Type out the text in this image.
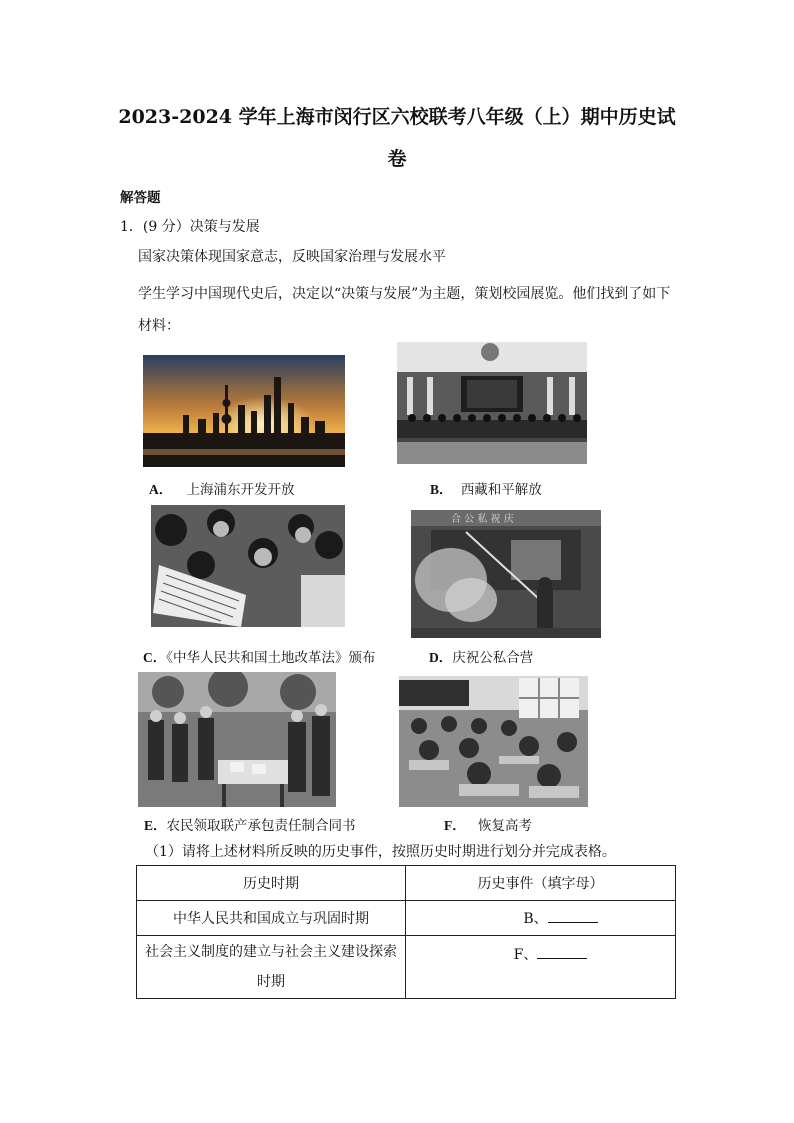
2023-2024 学年上海市闵行区六校联考八年级（上）期中历史试
卷
解答题
1．(9 分）决策与发展
国家决策体现国家意志，反映国家治理与发展水平
学生学习中国现代史后，决定以“决策与发展”为主题，策划校园展览。他们找到了如下材料：
A． 上海浦东开发开放	B． 西藏和平解放
合 公 私 祝 庆
C．《中华人民共和国土地改革法》颁布	D．庆祝公私合营
E．农民领取联产承包责任制合同书	F． 恢复高考
（1）请将上述材料所反映的历史事件，按照历史时期进行划分并完成表格。
历史时期	历史事件（填字母）
中华人民共和国成立与巩固时期	B、
社会主义制度的建立与社会主义建设探索时期	F、
